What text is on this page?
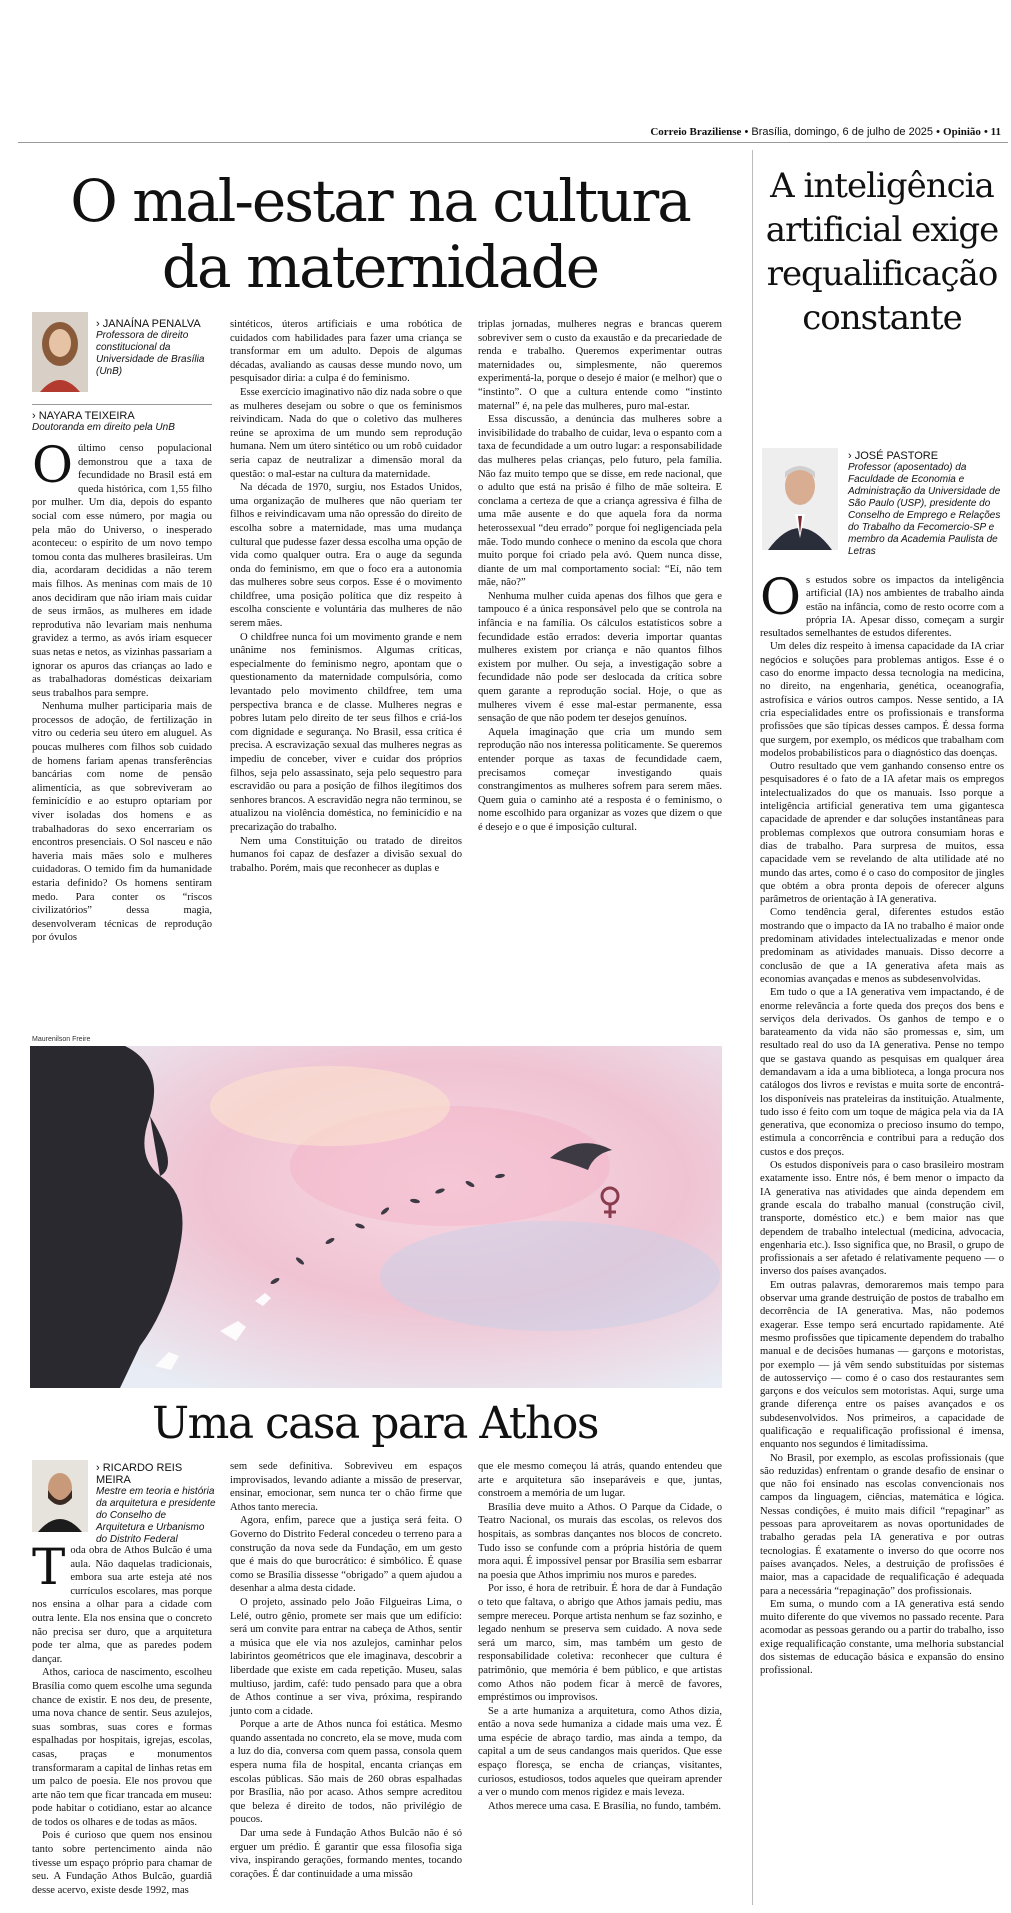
Correio Braziliense • Brasília, domingo, 6 de julho de 2025 • Opinião • 11
O mal-estar na cultura da maternidade
› JANAÍNA PENALVA
Professora de direito constitucional da Universidade de Brasília (UnB)
› NAYARA TEIXEIRA
Doutoranda em direito pela UnB
O último censo populacional demonstrou que a taxa de fecundidade no Brasil está em queda histórica, com 1,55 filho por mulher. Um dia, depois do espanto social com esse número, por magia ou pela mão do Universo, o inesperado aconteceu: o espírito de um novo tempo tomou conta das mulheres brasileiras. Um dia, acordaram decididas a não terem mais filhos. As meninas com mais de 10 anos decidiram que não iriam mais cuidar de seus irmãos, as mulheres em idade reprodutiva não levariam mais nenhuma gravidez a termo, as avós iriam esquecer suas netas e netos, as vizinhas passariam a ignorar os apuros das crianças ao lado e as trabalhadoras domésticas deixariam seus trabalhos para sempre.

Nenhuma mulher participaria mais de processos de adoção, de fertilização in vitro ou cederia seu útero em aluguel. As poucas mulheres com filhos sob cuidado de homens fariam apenas transferências bancárias com nome de pensão alimentícia, as que sobreviveram ao feminicídio e ao estupro optariam por viver isoladas dos homens e as trabalhadoras do sexo encerrariam os encontros presenciais. O Sol nasceu e não haveria mais mães solo e mulheres cuidadoras. O temido fim da humanidade estaria definido? Os homens sentiram medo. Para conter os “riscos civilizatórios” dessa magia, desenvolveram técnicas de reprodução por óvulos

sintéticos, úteros artificiais e uma robótica de cuidados com habilidades para fazer uma criança se transformar em um adulto. Depois de algumas décadas, avaliando as causas desse mundo novo, um pesquisador diria: a culpa é do feminismo.

Esse exercício imaginativo não diz nada sobre o que as mulheres desejam ou sobre o que os feminismos reivindicam. Nada do que o coletivo das mulheres reúne se aproxima de um mundo sem reprodução humana. Nem um útero sintético ou um robô cuidador seria capaz de neutralizar a dimensão moral da questão: o mal-estar na cultura da maternidade.

Na década de 1970, surgiu, nos Estados Unidos, uma organização de mulheres que não queriam ter filhos e reivindicavam uma não opressão do direito de escolha sobre a maternidade, mas uma mudança cultural que pudesse fazer dessa escolha uma opção de vida como qualquer outra. Era o auge da segunda onda do feminismo, em que o foco era a autonomia das mulheres sobre seus corpos. Esse é o movimento childfree, uma posição política que diz respeito à escolha consciente e voluntária das mulheres de não serem mães.

O childfree nunca foi um movimento grande e nem unânime nos feminismos. Algumas críticas, especialmente do feminismo negro, apontam que o questionamento da maternidade compulsória, como levantado pelo movimento childfree, tem uma perspectiva branca e de classe. Mulheres negras e pobres lutam pelo direito de ter seus filhos e criá-los com dignidade e segurança. No Brasil, essa crítica é precisa. A escravização sexual das mulheres negras as impediu de conceber, viver e cuidar dos próprios filhos, seja pelo assassinato, seja pelo sequestro para escravidão ou para a posição de filhos ilegítimos dos senhores brancos. A escravidão negra não terminou, se atualizou na violência doméstica, no feminicídio e na precarização do trabalho.

Nem uma Constituição ou tratado de direitos humanos foi capaz de desfazer a divisão sexual do trabalho. Porém, mais que reconhecer as duplas e

triplas jornadas, mulheres negras e brancas querem sobreviver sem o custo da exaustão e da precariedade de renda e trabalho. Queremos experimentar outras maternidades ou, simplesmente, não queremos experimentá-la, porque o desejo é maior (e melhor) que o “instinto”. O que a cultura entende como “instinto maternal” é, na pele das mulheres, puro mal-estar.

Essa discussão, a denúncia das mulheres sobre a invisibilidade do trabalho de cuidar, leva o espanto com a taxa de fecundidade a um outro lugar: a responsabilidade das mulheres pelas crianças, pelo futuro, pela família. Não faz muito tempo que se disse, em rede nacional, que o adulto que está na prisão é filho de mãe solteira. E conclama a certeza de que a criança agressiva é filha de uma mãe ausente e do que aquela fora da norma heterossexual “deu errado” porque foi negligenciada pela mãe. Todo mundo conhece o menino da escola que chora muito porque foi criado pela avó. Quem nunca disse, diante de um mal comportamento social: “Eí, não tem mãe, não?”

Nenhuma mulher cuida apenas dos filhos que gera e tampouco é a única responsável pelo que se controla na infância e na família. Os cálculos estatísticos sobre a fecundidade estão errados: deveria importar quantas mulheres existem por criança e não quantos filhos existem por mulher. Ou seja, a investigação sobre a fecundidade não pode ser deslocada da crítica sobre quem garante a reprodução social. Hoje, o que as mulheres vivem é esse mal-estar permanente, essa sensação de que não podem ter desejos genuínos.

Aquela imaginação que cria um mundo sem reprodução não nos interessa politicamente. Se queremos entender porque as taxas de fecundidade caem, precisamos começar investigando quais constrangimentos as mulheres sofrem para serem mães. Quem guia o caminho até a resposta é o feminismo, o nome escolhido para organizar as vozes que dizem o que é desejo e o que é imposição cultural.

Maurenilson Freire
Uma casa para Athos
› RICARDO REIS MEIRA
Mestre em teoria e história da arquitetura e presidente do Conselho de Arquitetura e Urbanismo do Distrito Federal
T oda obra de Athos Bulcão é uma aula. Não daquelas tradicionais, embora sua arte esteja até nos currículos escolares, mas porque nos ensina a olhar para a cidade com outra lente. Ela nos ensina que o concreto não precisa ser duro, que a arquitetura pode ter alma, que as paredes podem dançar.

Athos, carioca de nascimento, escolheu Brasília como quem escolhe uma segunda chance de existir. E nos deu, de presente, uma nova chance de sentir. Seus azulejos, suas sombras, suas cores e formas espalhadas por hospitais, igrejas, escolas, casas, praças e monumentos transformaram a capital de linhas retas em um palco de poesia. Ele nos provou que arte não tem que ficar trancada em museu: pode habitar o cotidiano, estar ao alcance de todos os olhares e de todas as mãos.

Pois é curioso que quem nos ensinou tanto sobre pertencimento ainda não tivesse um espaço próprio para chamar de seu. A Fundação Athos Bulcão, guardiã desse acervo, existe desde 1992, mas

sem sede definitiva. Sobreviveu em espaços improvisados, levando adiante a missão de preservar, ensinar, emocionar, sem nunca ter o chão firme que Athos tanto merecia.

Agora, enfim, parece que a justiça será feita. O Governo do Distrito Federal concedeu o terreno para a construção da nova sede da Fundação, em um gesto que é mais do que burocrático: é simbólico. É quase como se Brasília dissesse “obrigado” a quem ajudou a desenhar a alma desta cidade.

O projeto, assinado pelo João Filgueiras Lima, o Lelé, outro gênio, promete ser mais que um edifício: será um convite para entrar na cabeça de Athos, sentir a música que ele via nos azulejos, caminhar pelos labirintos geométricos que ele imaginava, descobrir a liberdade que existe em cada repetição. Museu, salas multiuso, jardim, café: tudo pensado para que a obra de Athos continue a ser viva, próxima, respirando junto com a cidade.

Porque a arte de Athos nunca foi estática. Mesmo quando assentada no concreto, ela se move, muda com a luz do dia, conversa com quem passa, consola quem espera numa fila de hospital, encanta crianças em escolas públicas. São mais de 260 obras espalhadas por Brasília, não por acaso. Athos sempre acreditou que beleza é direito de todos, não privilégio de poucos.

Dar uma sede à Fundação Athos Bulcão não é só erguer um prédio. É garantir que essa filosofia siga viva, inspirando gerações, formando mentes, tocando corações. É dar continuidade a uma missão

que ele mesmo começou lá atrás, quando entendeu que arte e arquitetura são inseparáveis e que, juntas, constroem a memória de um lugar.

Brasília deve muito a Athos. O Parque da Cidade, o Teatro Nacional, os murais das escolas, os relevos dos hospitais, as sombras dançantes nos blocos de concreto. Tudo isso se confunde com a própria história de quem mora aqui. É impossível pensar por Brasília sem esbarrar na poesia que Athos imprimiu nos muros e paredes.

Por isso, é hora de retribuir. É hora de dar à Fundação o teto que faltava, o abrigo que Athos jamais pediu, mas sempre mereceu. Porque artista nenhum se faz sozinho, e legado nenhum se preserva sem cuidado. A nova sede será um marco, sim, mas também um gesto de responsabilidade coletiva: reconhecer que cultura é patrimônio, que memória é bem público, e que artistas como Athos não podem ficar à mercê de favores, empréstimos ou improvisos.

Se a arte humaniza a arquitetura, como Athos dizia, então a nova sede humaniza a cidade mais uma vez. É uma espécie de abraço tardio, mas ainda a tempo, da capital a um de seus candangos mais queridos. Que esse espaço floresça, se encha de crianças, visitantes, curiosos, estudiosos, todos aqueles que queiram aprender a ver o mundo com menos rigidez e mais leveza.

Athos merece uma casa. E Brasília, no fundo, também.

A inteligência artificial exige requalificação constante
› JOSÉ PASTORE
Professor (aposentado) da Faculdade de Economia e Administração da Universidade de São Paulo (USP), presidente do Conselho de Emprego e Relações do Trabalho da Fecomercio-SP e membro da Academia Paulista de Letras
O s estudos sobre os impactos da inteligência artificial (IA) nos ambientes de trabalho ainda estão na infância, como de resto ocorre com a própria IA. Apesar disso, começam a surgir resultados semelhantes de estudos diferentes.

Um deles diz respeito à imensa capacidade da IA criar negócios e soluções para problemas antigos. Esse é o caso do enorme impacto dessa tecnologia na medicina, no direito, na engenharia, genética, oceanografia, astrofísica e vários outros campos. Nesse sentido, a IA cria especialidades entre os profissionais e transforma profissões que são típicas desses campos. É dessa forma que surgem, por exemplo, os médicos que trabalham com modelos probabilísticos para o diagnóstico das doenças.

Outro resultado que vem ganhando consenso entre os pesquisadores é o fato de a IA afetar mais os empregos intelectualizados do que os manuais. Isso porque a inteligência artificial generativa tem uma gigantesca capacidade de aprender e dar soluções instantâneas para problemas complexos que outrora consumiam horas e dias de trabalho. Para surpresa de muitos, essa capacidade vem se revelando de alta utilidade até no mundo das artes, como é o caso do compositor de jingles que obtém a obra pronta depois de oferecer alguns parâmetros de orientação à IA generativa.

Como tendência geral, diferentes estudos estão mostrando que o impacto da IA no trabalho é maior onde predominam atividades intelectualizadas e menor onde predominam as atividades manuais. Disso decorre a conclusão de que a IA generativa afeta mais as economias avançadas e menos as subdesenvolvidas.

Em tudo o que a IA generativa vem impactando, é de enorme relevância a forte queda dos preços dos bens e serviços dela derivados. Os ganhos de tempo e o barateamento da vida não são promessas e, sim, um resultado real do uso da IA generativa. Pense no tempo que se gastava quando as pesquisas em qualquer área demandavam a ida a uma biblioteca, a longa procura nos catálogos dos livros e revistas e muita sorte de encontrá-los disponíveis nas prateleiras da instituição. Atualmente, tudo isso é feito com um toque de mágica pela via da IA generativa, que economiza o precioso insumo do tempo, estimula a concorrência e contribui para a redução dos custos e dos preços.

Os estudos disponíveis para o caso brasileiro mostram exatamente isso. Entre nós, é bem menor o impacto da IA generativa nas atividades que ainda dependem em grande escala do trabalho manual (construção civil, transporte, doméstico etc.) e bem maior nas que dependem de trabalho intelectual (medicina, advocacia, engenharia etc.). Isso significa que, no Brasil, o grupo de profissionais a ser afetado é relativamente pequeno — o inverso dos países avançados.

Em outras palavras, demoraremos mais tempo para observar uma grande destruição de postos de trabalho em decorrência de IA generativa. Mas, não podemos exagerar. Esse tempo será encurtado rapidamente. Até mesmo profissões que tipicamente dependem do trabalho manual e de decisões humanas — garçons e motoristas, por exemplo — já vêm sendo substituídas por sistemas de autosserviço — como é o caso dos restaurantes sem garçons e dos veículos sem motoristas. Aqui, surge uma grande diferença entre os países avançados e os subdesenvolvidos. Nos primeiros, a capacidade de qualificação e requalificação profissional é imensa, enquanto nos segundos é limitadíssima.

No Brasil, por exemplo, as escolas profissionais (que são reduzidas) enfrentam o grande desafio de ensinar o que não foi ensinado nas escolas convencionais nos campos da linguagem, ciências, matemática e lógica. Nessas condições, é muito mais difícil “repaginar” as pessoas para aproveitarem as novas oportunidades de trabalho geradas pela IA generativa e por outras tecnologias. É exatamente o inverso do que ocorre nos países avançados. Neles, a destruição de profissões é maior, mas a capacidade de requalificação é adequada para a necessária “repaginação” dos profissionais.

Em suma, o mundo com a IA generativa está sendo muito diferente do que vivemos no passado recente. Para acomodar as pessoas gerando ou a partir do trabalho, isso exige requalificação constante, uma melhoria substancial dos sistemas de educação básica e expansão do ensino profissional.
